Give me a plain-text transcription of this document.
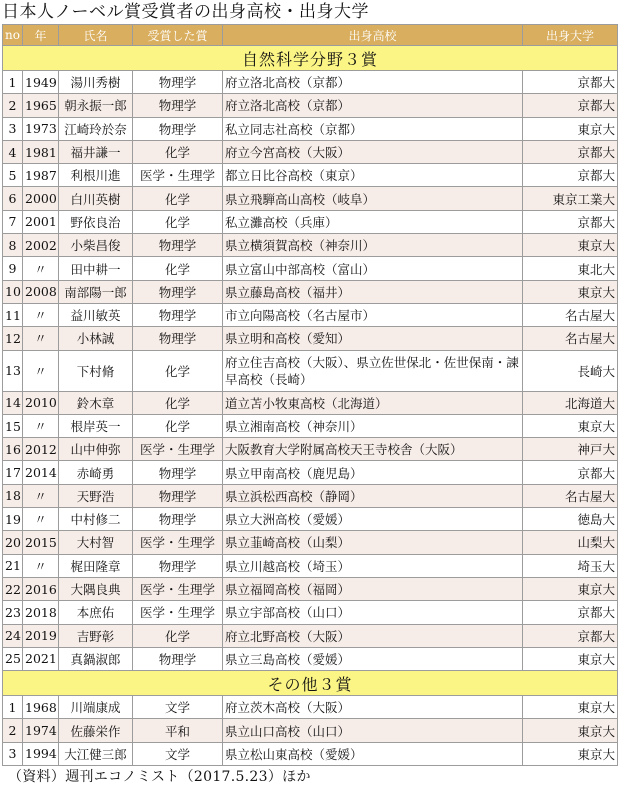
日本人ノーベル賞受賞者の出身高校・出身大学
no	年	氏名	受賞した賞	出身高校	出身大学
自然科学分野３賞					
1	1949	湯川秀樹	物理学	府立洛北高校（京都）	京都大
2	1965	朝永振一郎	物理学	府立洛北高校（京都）	京都大
3	1973	江崎玲於奈	物理学	私立同志社高校（京都）	東京大
4	1981	福井謙一	化学	府立今宮高校（大阪）	京都大
5	1987	利根川進	医学・生理学	都立日比谷高校（東京）	京都大
6	2000	白川英樹	化学	県立飛騨高山高校（岐阜）	東京工業大
7	2001	野依良治	化学	私立灘高校（兵庫）	京都大
8	2002	小柴昌俊	物理学	県立横須賀高校（神奈川）	東京大
9	〃	田中耕一	化学	県立富山中部高校（富山）	東北大
10	2008	南部陽一郎	物理学	県立藤島高校（福井）	東京大
11	〃	益川敏英	物理学	市立向陽高校（名古屋市）	名古屋大
12	〃	小林誠	物理学	県立明和高校（愛知）	名古屋大
13	〃	下村脩	化学	府立住吉高校（大阪）、県立佐世保北・佐世保南・諫早高校（長崎）	長崎大
14	2010	鈴木章	化学	道立苫小牧東高校（北海道）	北海道大
15	〃	根岸英一	化学	県立湘南高校（神奈川）	東京大
16	2012	山中伸弥	医学・生理学	大阪教育大学附属高校天王寺校舎（大阪）	神戸大
17	2014	赤崎勇	物理学	県立甲南高校（鹿児島）	京都大
18	〃	天野浩	物理学	県立浜松西高校（静岡）	名古屋大
19	〃	中村修二	物理学	県立大洲高校（愛媛）	徳島大
20	2015	大村智	医学・生理学	県立韮崎高校（山梨）	山梨大
21	〃	梶田隆章	物理学	県立川越高校（埼玉）	埼玉大
22	2016	大隅良典	医学・生理学	県立福岡高校（福岡）	東京大
23	2018	本庶佑	医学・生理学	県立宇部高校（山口）	京都大
24	2019	吉野彰	化学	府立北野高校（大阪）	京都大
25	2021	真鍋淑郎	物理学	県立三島高校（愛媛）	東京大
その他３賞					
1	1968	川端康成	文学	府立茨木高校（大阪）	東京大
2	1974	佐藤栄作	平和	県立山口高校（山口）	東京大
3	1994	大江健三郎	文学	県立松山東高校（愛媛）	東京大
（資料）週刊エコノミスト（2017.5.23）ほか
